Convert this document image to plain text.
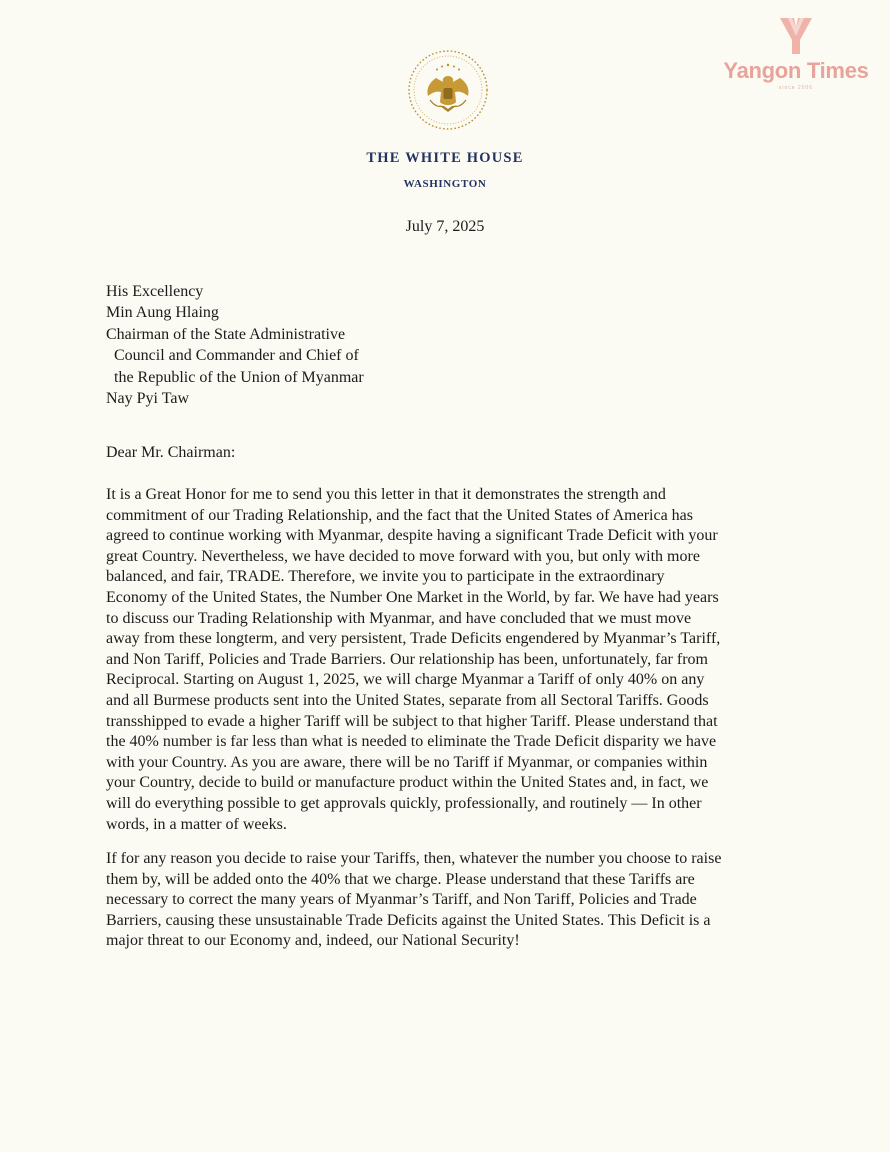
Yangon Times
since 2006
THE WHITE HOUSE
WASHINGTON
July 7, 2025
His Excellency
Min Aung Hlaing
Chairman of the State Administrative
Council and Commander and Chief of
the Republic of the Union of Myanmar
Nay Pyi Taw
Dear Mr. Chairman:
It is a Great Honor for me to send you this letter in that it demonstrates the strength and
commitment of our Trading Relationship, and the fact that the United States of America has
agreed to continue working with Myanmar, despite having a significant Trade Deficit with your
great Country. Nevertheless, we have decided to move forward with you, but only with more
balanced, and fair, TRADE. Therefore, we invite you to participate in the extraordinary
Economy of the United States, the Number One Market in the World, by far. We have had years
to discuss our Trading Relationship with Myanmar, and have concluded that we must move
away from these longterm, and very persistent, Trade Deficits engendered by Myanmar’s Tariff,
and Non Tariff, Policies and Trade Barriers. Our relationship has been, unfortunately, far from
Reciprocal. Starting on August 1, 2025, we will charge Myanmar a Tariff of only 40% on any
and all Burmese products sent into the United States, separate from all Sectoral Tariffs. Goods
transshipped to evade a higher Tariff will be subject to that higher Tariff. Please understand that
the 40% number is far less than what is needed to eliminate the Trade Deficit disparity we have
with your Country. As you are aware, there will be no Tariff if Myanmar, or companies within
your Country, decide to build or manufacture product within the United States and, in fact, we
will do everything possible to get approvals quickly, professionally, and routinely — In other
words, in a matter of weeks.
If for any reason you decide to raise your Tariffs, then, whatever the number you choose to raise
them by, will be added onto the 40% that we charge. Please understand that these Tariffs are
necessary to correct the many years of Myanmar’s Tariff, and Non Tariff, Policies and Trade
Barriers, causing these unsustainable Trade Deficits against the United States. This Deficit is a
major threat to our Economy and, indeed, our National Security!
